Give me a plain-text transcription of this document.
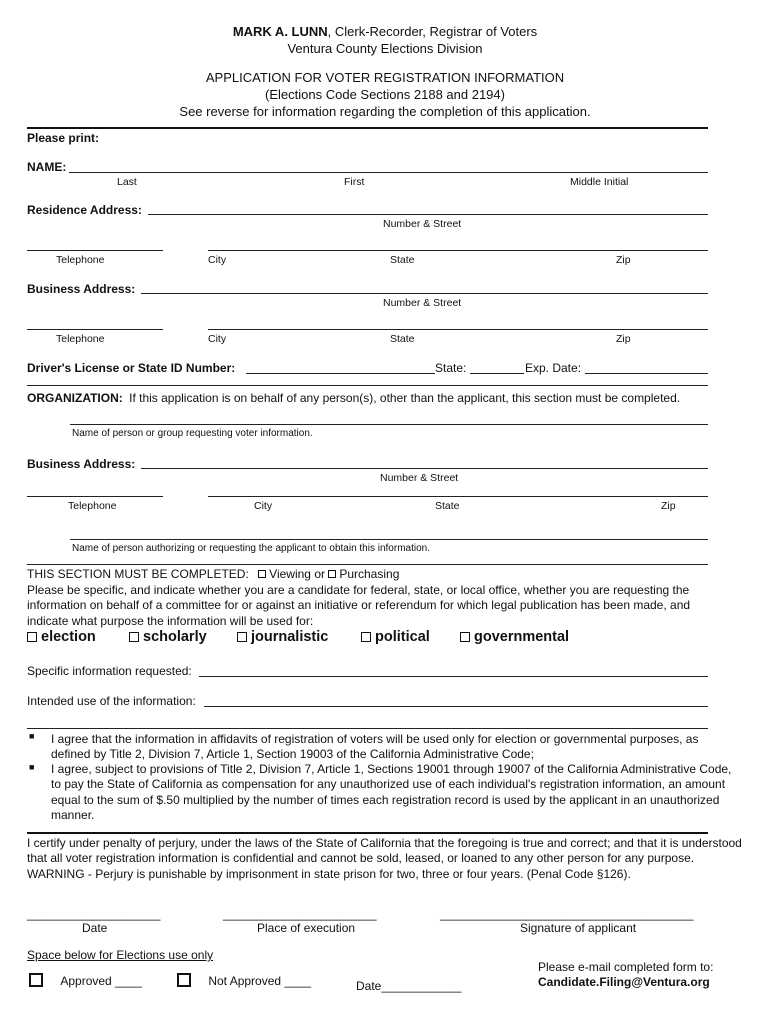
MARK A. LUNN, Clerk-Recorder, Registrar of Voters
Ventura County Elections Division
APPLICATION FOR VOTER REGISTRATION INFORMATION
(Elections Code Sections 2188 and 2194)
See reverse for information regarding the completion of this application.
Please print:
NAME:
Last	First	Middle Initial
Residence Address:
Number & Street
Telephone	City	State	Zip
Business Address:
Number & Street
Telephone	City	State	Zip
Driver's License or State ID Number:	State:	Exp. Date:
ORGANIZATION: If this application is on behalf of any person(s), other than the applicant, this section must be completed.
Name of person or group requesting voter information.
Business Address:
Number & Street
Telephone	City	State	Zip
Name of person authorizing or requesting the applicant to obtain this information.
THIS SECTION MUST BE COMPLETED: Viewing or Purchasing
Please be specific, and indicate whether you are a candidate for federal, state, or local office, whether you are requesting the information on behalf of a committee for or against an initiative or referendum for which legal publication has been made, and indicate what purpose the information will be used for:
election	scholarly	journalistic	political	governmental
Specific information requested:
Intended use of the information:
■ I agree that the information in affidavits of registration of voters will be used only for election or governmental purposes, as defined by Title 2, Division 7, Article 1, Section 19003 of the California Administrative Code;
■ I agree, subject to provisions of Title 2, Division 7, Article 1, Sections 19001 through 19007 of the California Administrative Code, to pay the State of California as compensation for any unauthorized use of each individual's registration information, an amount equal to the sum of $.50 multiplied by the number of times each registration record is used by the applicant in an unauthorized manner.
I certify under penalty of perjury, under the laws of the State of California that the foregoing is true and correct; and that it is understood that all voter registration information is confidential and cannot be sold, leased, or loaned to any other person for any purpose. WARNING - Perjury is punishable by imprisonment in state prison for two, three or four years. (Penal Code §126).
____________________
Date
_______________________
Place of execution
______________________________________
Signature of applicant
Space below for Elections use only
Approved ____	Not Approved ____	Date____________
Please e-mail completed form to:
Candidate.Filing@Ventura.org
